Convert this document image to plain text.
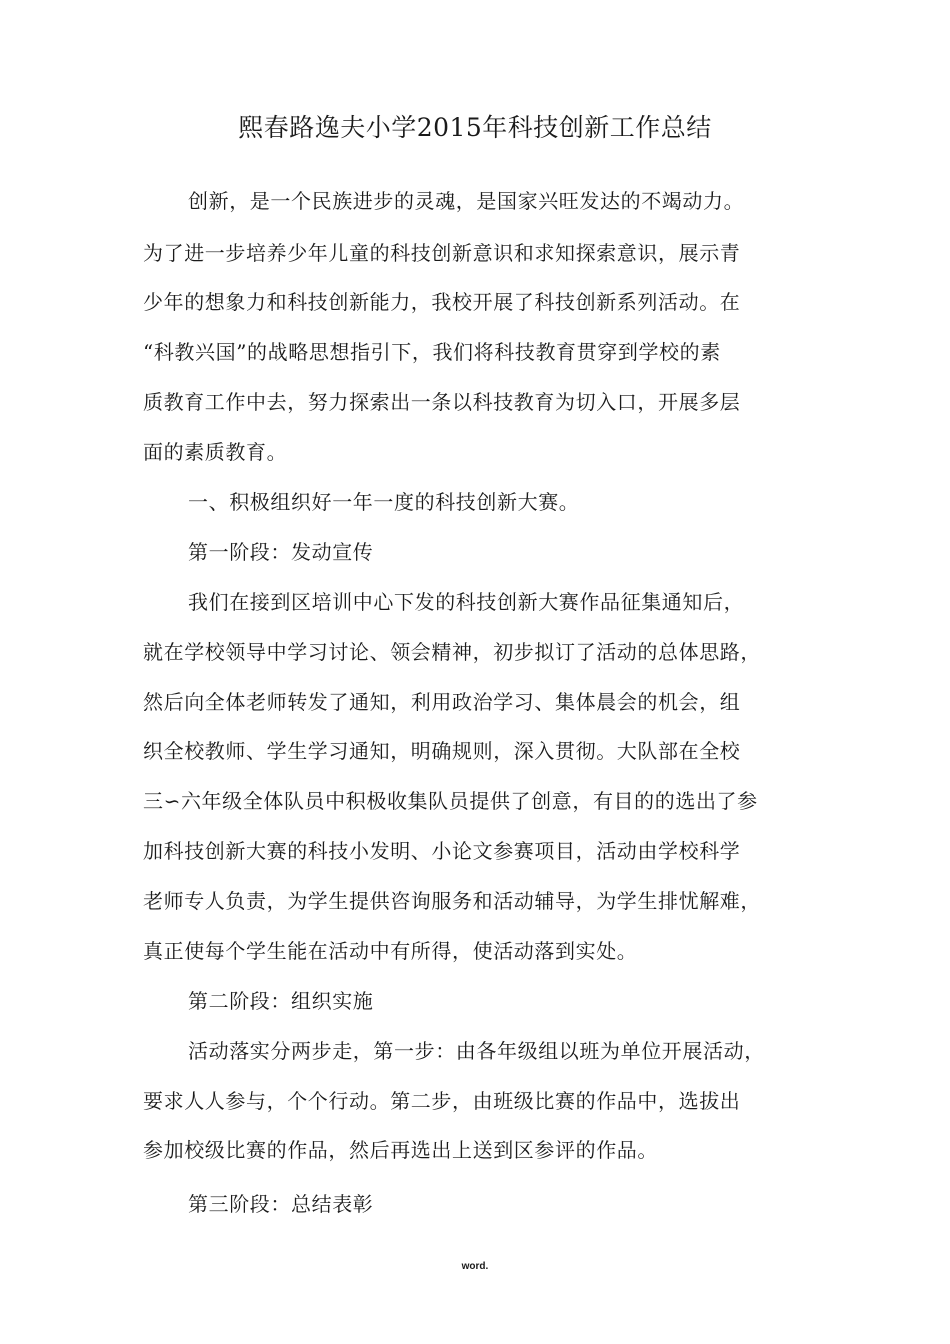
熙春路逸夫小学2015年科技创新工作总结
创新，是一个民族进步的灵魂，是国家兴旺发达的不竭动力。
为了进一步培养少年儿童的科技创新意识和求知探索意识，展示青
少年的想象力和科技创新能力，我校开展了科技创新系列活动。在
“科教兴国”的战略思想指引下，我们将科技教育贯穿到学校的素
质教育工作中去，努力探索出一条以科技教育为切入口，开展多层
面的素质教育。
一、积极组织好一年一度的科技创新大赛。
第一阶段：发动宣传
我们在接到区培训中心下发的科技创新大赛作品征集通知后，
就在学校领导中学习讨论、领会精神，初步拟订了活动的总体思路，
然后向全体老师转发了通知，利用政治学习、集体晨会的机会，组
织全校教师、学生学习通知，明确规则，深入贯彻。大队部在全校
三∽六年级全体队员中积极收集队员提供了创意，有目的的选出了参
加科技创新大赛的科技小发明、小论文参赛项目，活动由学校科学
老师专人负责，为学生提供咨询服务和活动辅导，为学生排忧解难，
真正使每个学生能在活动中有所得，使活动落到实处。
第二阶段：组织实施
活动落实分两步走，第一步：由各年级组以班为单位开展活动，
要求人人参与，个个行动。第二步，由班级比赛的作品中，选拔出
参加校级比赛的作品，然后再选出上送到区参评的作品。
第三阶段：总结表彰
word.
